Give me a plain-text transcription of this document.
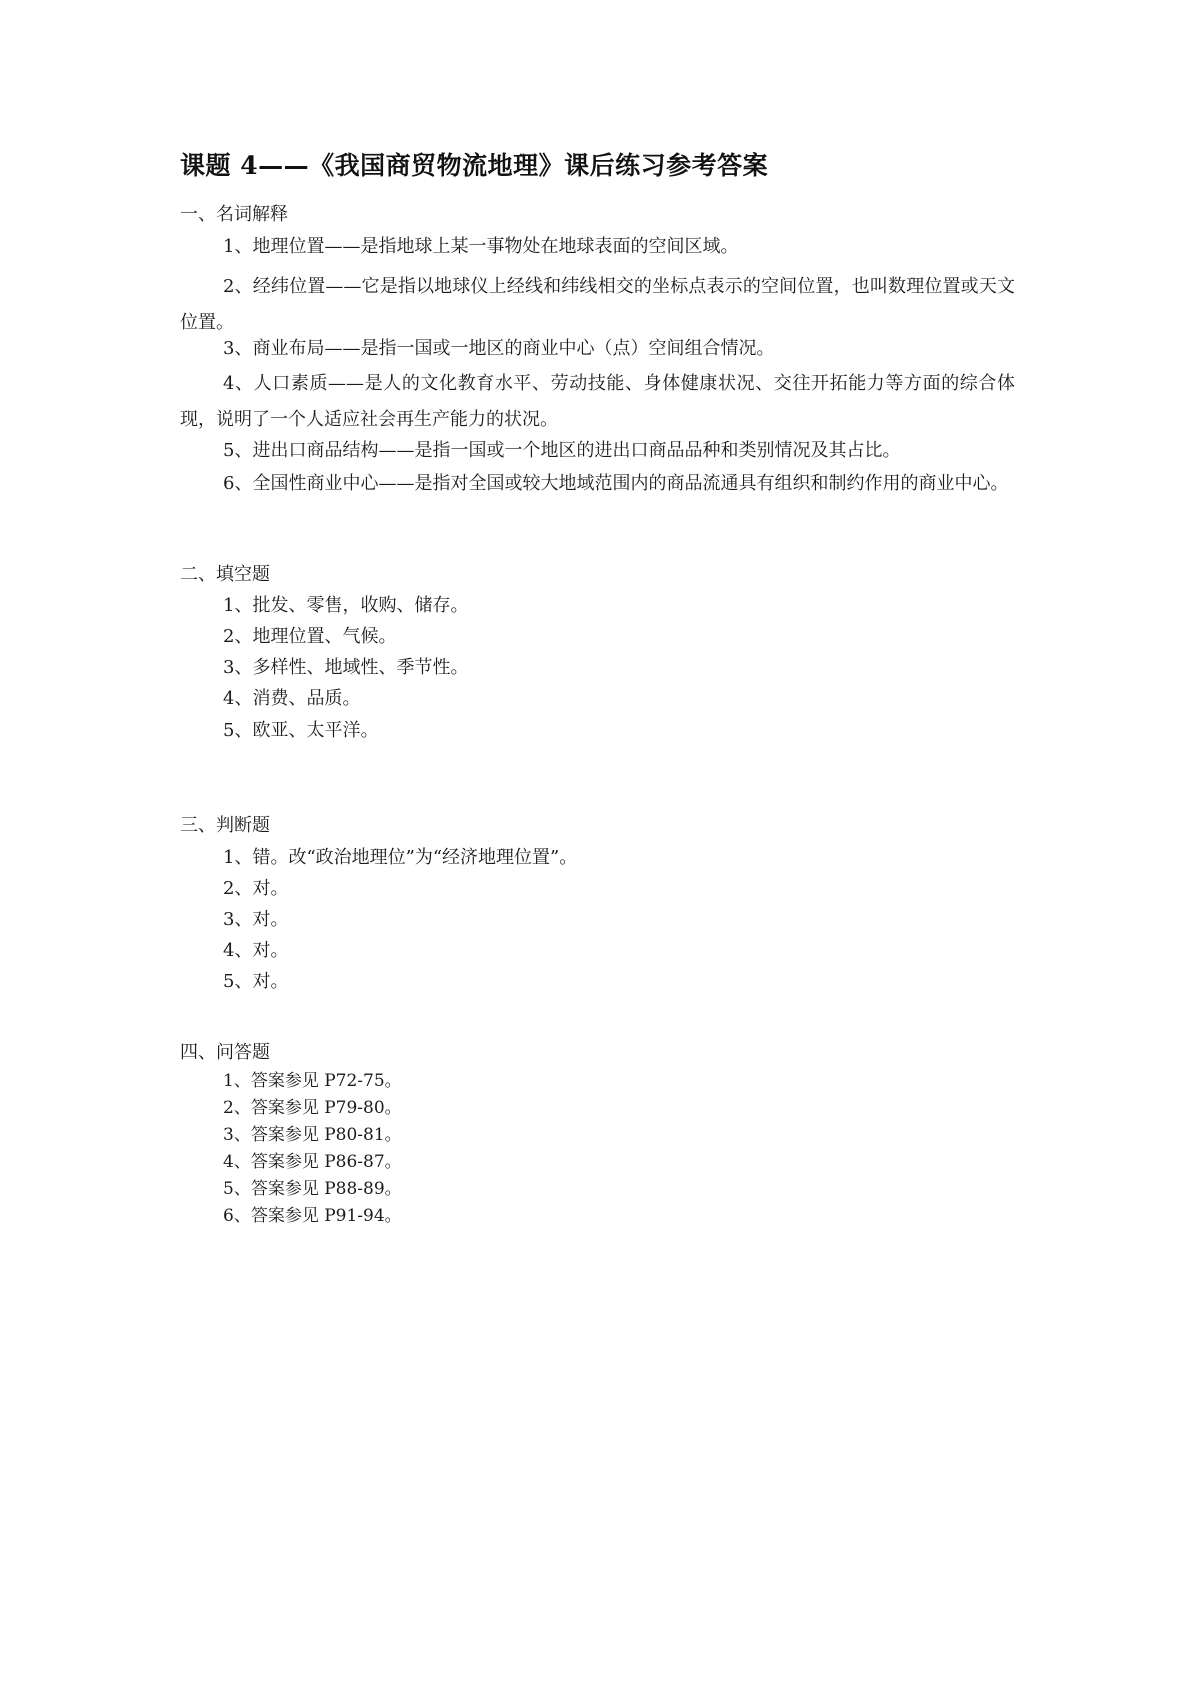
课题 4——《我国商贸物流地理》课后练习参考答案
一、名词解释
1、地理位置——是指地球上某一事物处在地球表面的空间区域。
2、经纬位置——它是指以地球仪上经线和纬线相交的坐标点表示的空间位置，也叫数理位置或天文位置。
3、商业布局——是指一国或一地区的商业中心（点）空间组合情况。
4、人口素质——是人的文化教育水平、劳动技能、身体健康状况、交往开拓能力等方面的综合体现，说明了一个人适应社会再生产能力的状况。
5、进出口商品结构——是指一国或一个地区的进出口商品品种和类别情况及其占比。
6、全国性商业中心——是指对全国或较大地域范围内的商品流通具有组织和制约作用的商业中心。
二、填空题
1、批发、零售，收购、储存。
2、地理位置、气候。
3、多样性、地域性、季节性。
4、消费、品质。
5、欧亚、太平洋。
三、判断题
1、错。改“政治地理位”为“经济地理位置”。
2、对。
3、对。
4、对。
5、对。
四、问答题
1、答案参见 P72-75。
2、答案参见 P79-80。
3、答案参见 P80-81。
4、答案参见 P86-87。
5、答案参见 P88-89。
6、答案参见 P91-94。
